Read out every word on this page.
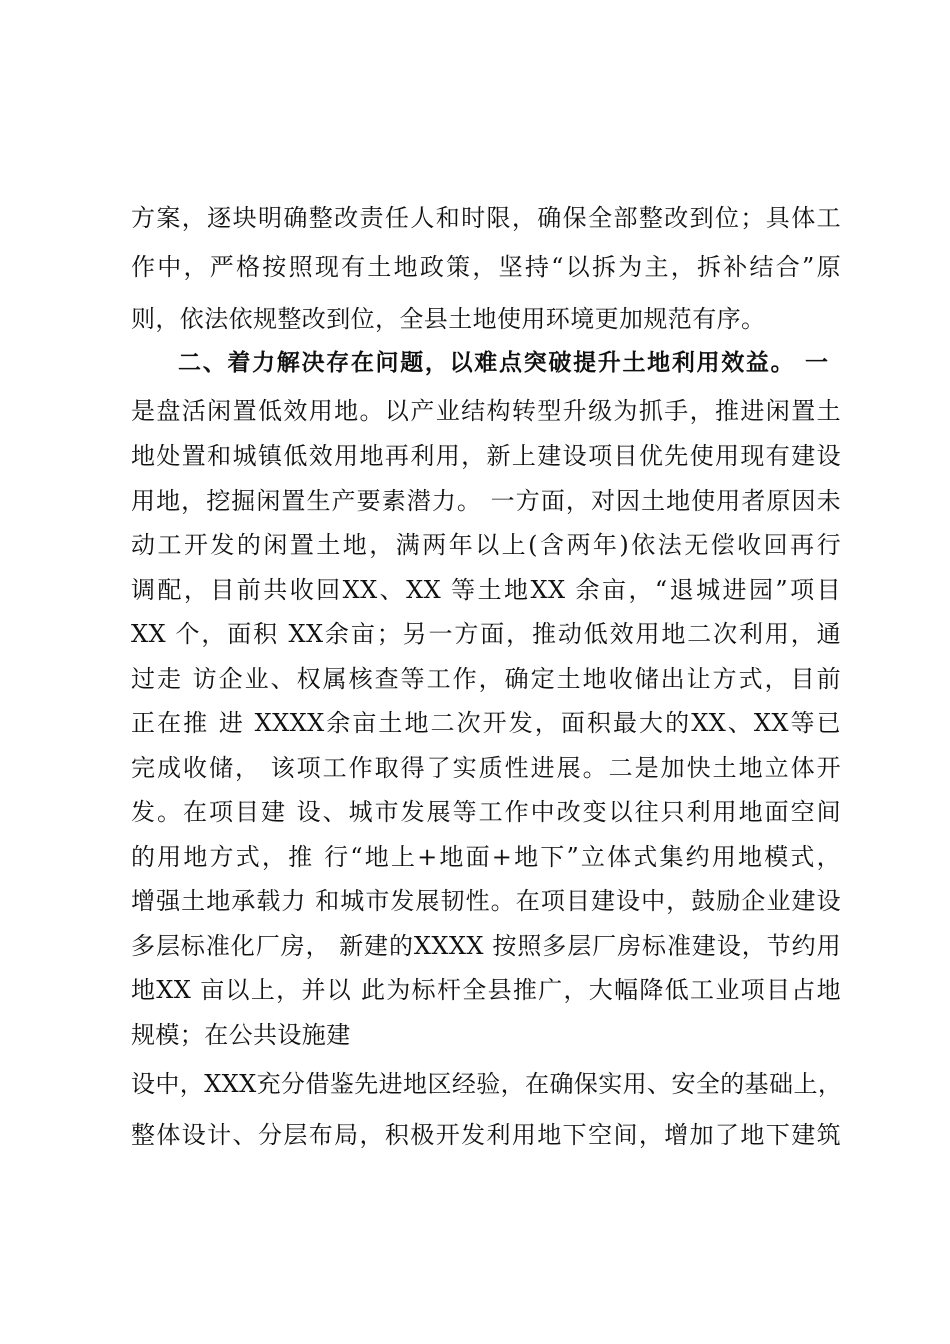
方案，逐块明确整改责任人和时限，确保全部整改到位；具体工
作中，严格按照现有土地政策，坚持“以拆为主，拆补结合”原
则，依法依规整改到位，全县土地使用环境更加规范有序。
二、着力解决存在问题，以难点突破提升土地利用效益。 一
是盘活闲置低效用地。以产业结构转型升级为抓手，推进闲置土
地处置和城镇低效用地再利用，新上建设项目优先使用现有建设
用地，挖掘闲置生产要素潜力。 一方面，对因土地使用者原因未
动工开发的闲置土地，满两年以上(含两年)依法无偿收回再行
调配，目前共收回XX、XX 等土地XX 余亩，“退城进园”项目
XX 个，面积 XX余亩；另一方面，推动低效用地二次利用，通
过走 访企业、权属核查等工作，确定土地收储出让方式，目前
正在推 进 XXXX余亩土地二次开发，面积最大的XX、XX等已
完成收储， 该项工作取得了实质性进展。二是加快土地立体开
发。在项目建 设、城市发展等工作中改变以往只利用地面空间
的用地方式，推 行“地上+地面+地下”立体式集约用地模式，
增强土地承载力 和城市发展韧性。在项目建设中，鼓励企业建设
多层标准化厂房， 新建的XXXX 按照多层厂房标准建设，节约用
地XX 亩以上，并以 此为标杆全县推广，大幅降低工业项目占地
规模；在公共设施建
设中，XXX充分借鉴先进地区经验，在确保实用、安全的基础上，
整体设计、分层布局，积极开发利用地下空间，增加了地下建筑
